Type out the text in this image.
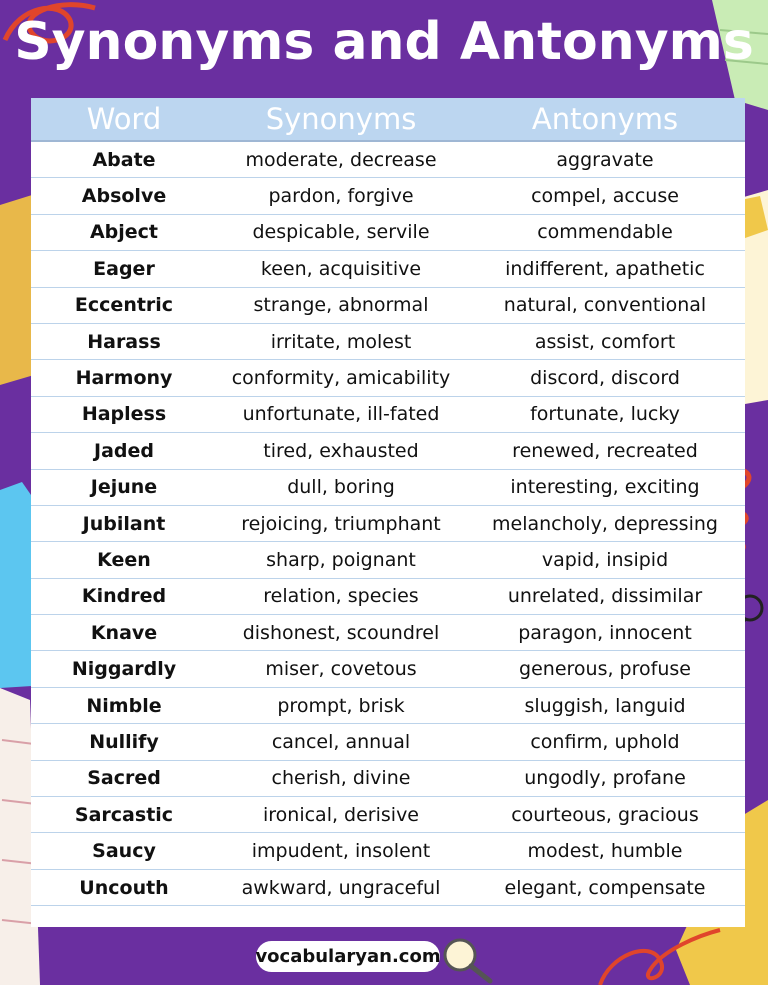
Synonyms and Antonyms
Word	Synonyms	Antonyms
Abate	moderate, decrease	aggravate
Absolve	pardon, forgive	compel, accuse
Abject	despicable, servile	commendable
Eager	keen, acquisitive	indifferent, apathetic
Eccentric	strange, abnormal	natural, conventional
Harass	irritate, molest	assist, comfort
Harmony	conformity, amicability	discord, discord
Hapless	unfortunate, ill-fated	fortunate, lucky
Jaded	tired, exhausted	renewed, recreated
Jejune	dull, boring	interesting, exciting
Jubilant	rejoicing, triumphant	melancholy, depressing
Keen	sharp, poignant	vapid, insipid
Kindred	relation, species	unrelated, dissimilar
Knave	dishonest, scoundrel	paragon, innocent
Niggardly	miser, covetous	generous, profuse
Nimble	prompt, brisk	sluggish, languid
Nullify	cancel, annual	confirm, uphold
Sacred	cherish, divine	ungodly, profane
Sarcastic	ironical, derisive	courteous, gracious
Saucy	impudent, insolent	modest, humble
Uncouth	awkward, ungraceful	elegant, compensate
vocabularyan.com
